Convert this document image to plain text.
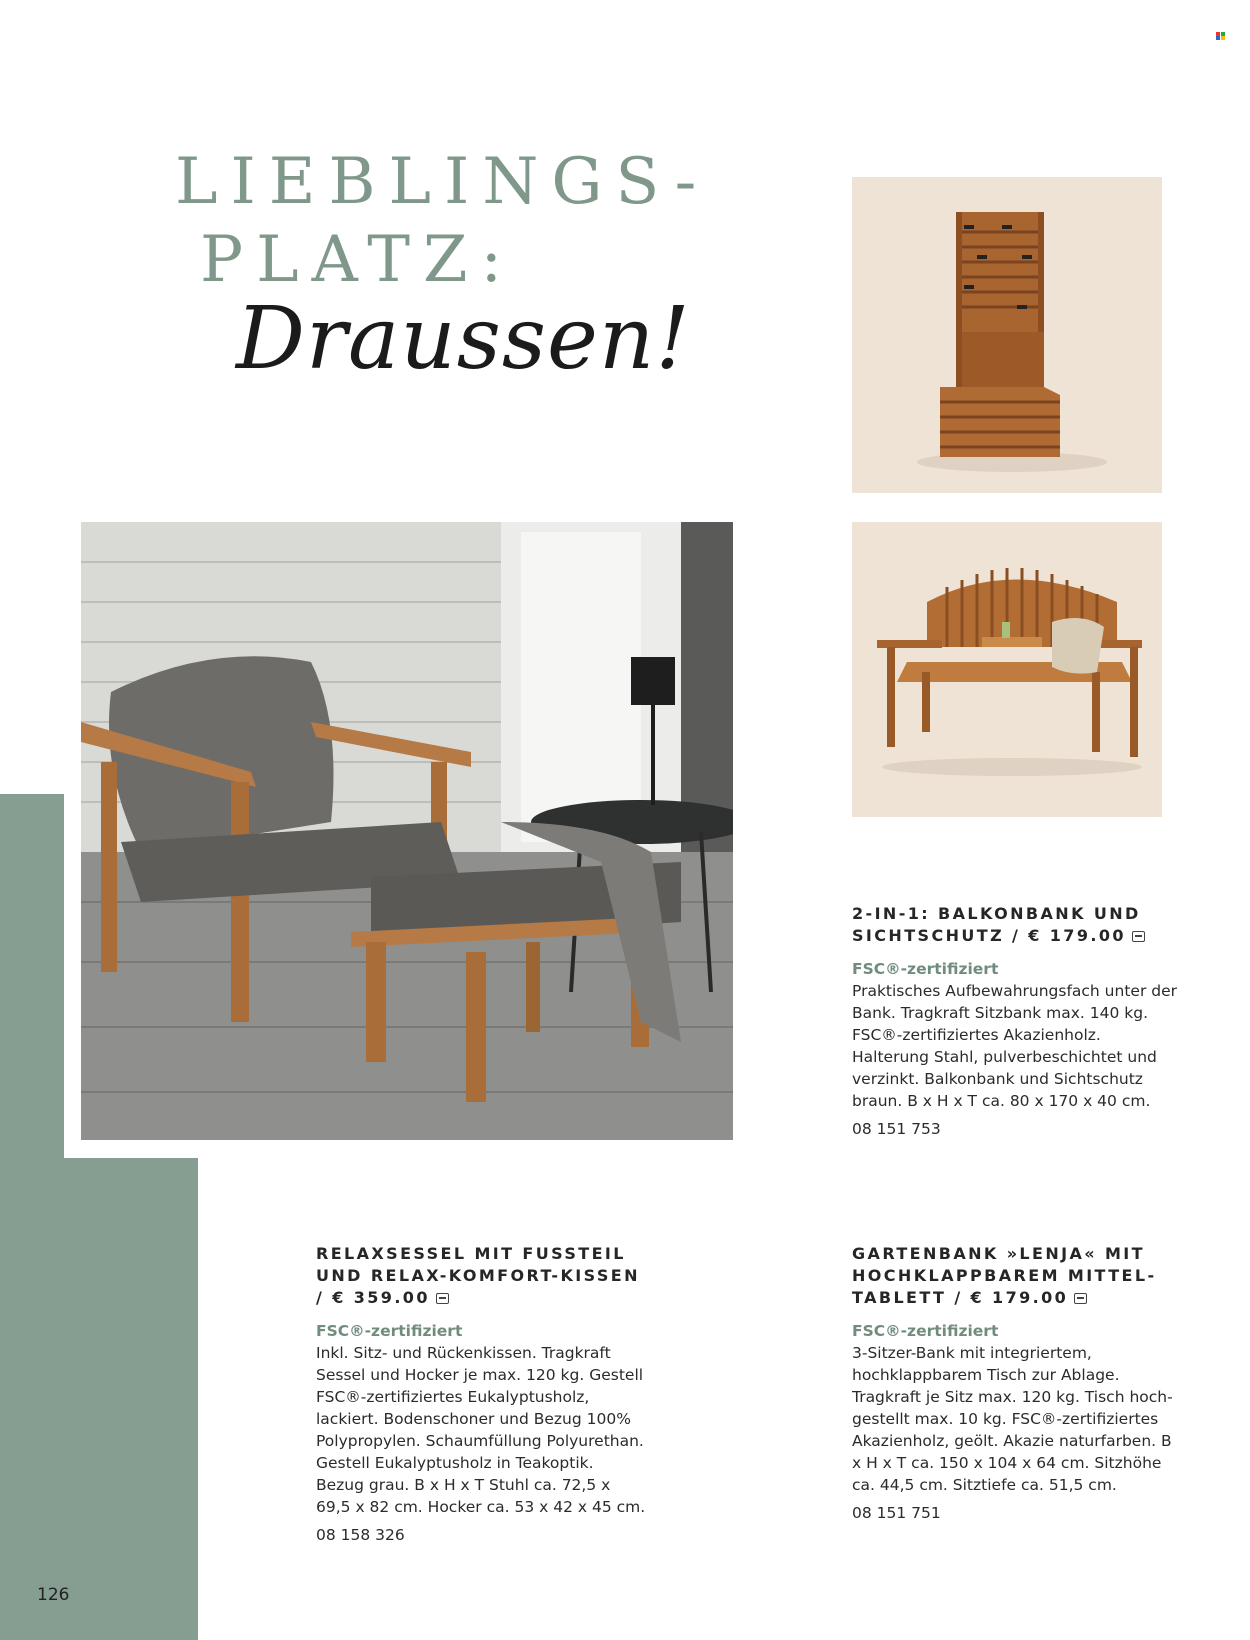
LIEBLINGS-
PLATZ:
Draussen!
2-IN-1: BALKONBANK UND SICHTSCHUTZ / € 179.00
FSC®-zertifiziert
Praktisches Aufbewahrungsfach unter der Bank. Tragkraft Sitzbank max. 140 kg. FSC®-zertifiziertes Akazienholz. Halterung Stahl, pulverbeschichtet und verzinkt. Balkonbank und Sichtschutz braun. B x H x T ca. 80 x 170 x 40 cm.
08 151 753
RELAXSESSEL MIT FUSSTEIL UND RELAX-KOMFORT-KISSEN / € 359.00
FSC®-zertifiziert
Inkl. Sitz- und Rückenkissen. Tragkraft Sessel und Hocker je max. 120 kg. Gestell FSC®-zertifiziertes Eukalyptusholz, lackiert. Bodenschoner und Bezug 100% Polypropylen. Schaumfüllung Polyurethan. Gestell Eukalyptusholz in Teakoptik. Bezug grau. B x H x T Stuhl ca. 72,5 x 69,5 x 82 cm. Hocker ca. 53 x 42 x 45 cm.
08 158 326
GARTENBANK »LENJA« MIT HOCHKLAPPBAREM MITTEL-TABLETT / € 179.00
FSC®-zertifiziert
3-Sitzer-Bank mit integriertem, hochklappbarem Tisch zur Ablage. Tragkraft je Sitz max. 120 kg. Tisch hoch-gestellt max. 10 kg. FSC®-zertifiziertes Akazienholz, geölt. Akazie naturfarben. B x H x T ca. 150 x 104 x 64 cm. Sitzhöhe ca. 44,5 cm. Sitztiefe ca. 51,5 cm.
08 151 751
126
